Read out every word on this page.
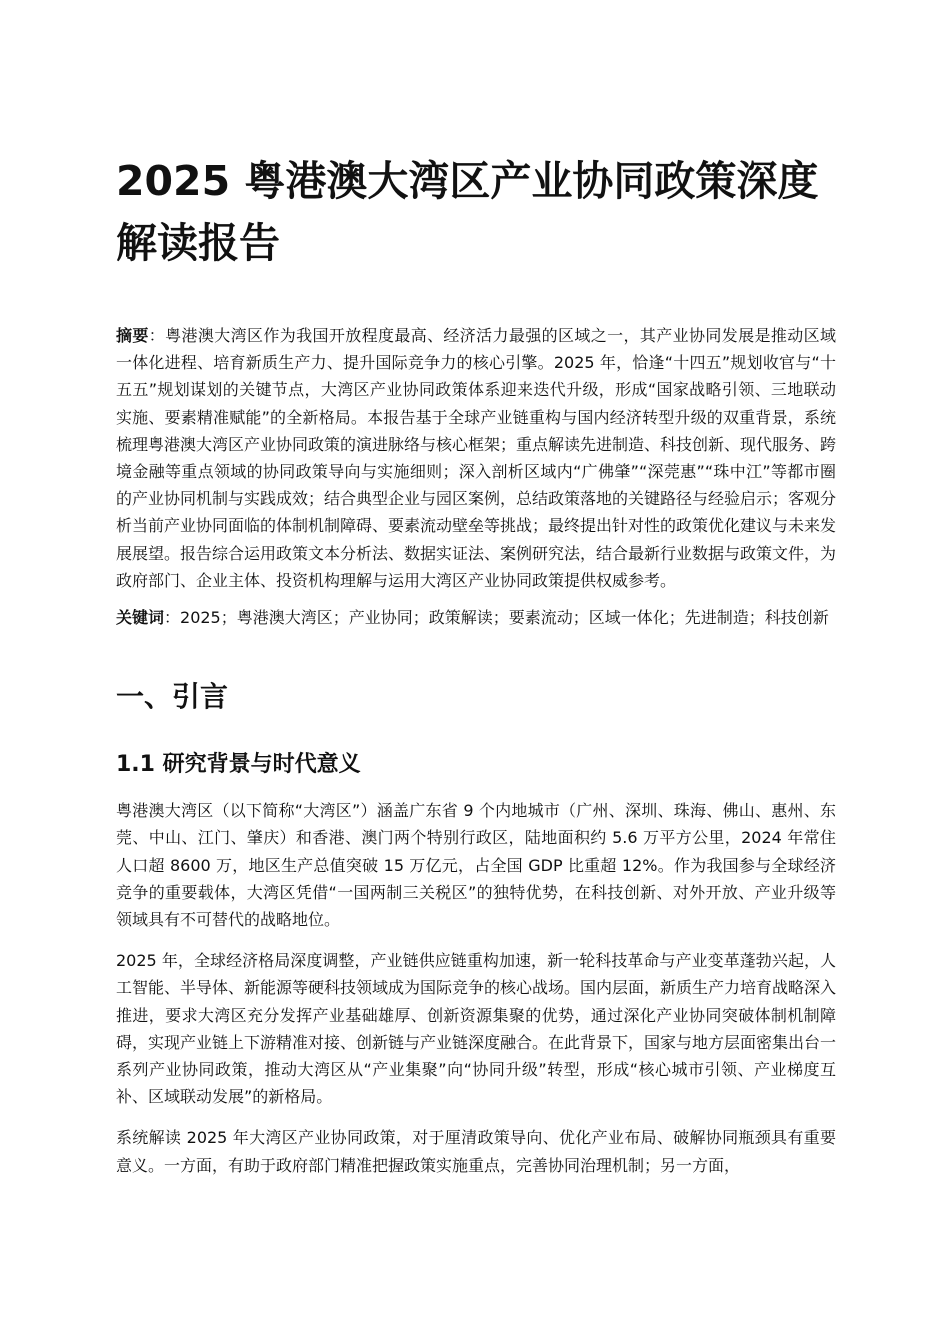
2025 粤港澳大湾区产业协同政策深度
解读报告

摘要：粤港澳大湾区作为我国开放程度最高、经济活力最强的区域之一，其产业协同发展是推动区域一体化进程、培育新质生产力、提升国际竞争力的核心引擎。2025 年，恰逢“十四五”规划收官与“十五五”规划谋划的关键节点，大湾区产业协同政策体系迎来迭代升级，形成“国家战略引领、三地联动实施、要素精准赋能”的全新格局。本报告基于全球产业链重构与国内经济转型升级的双重背景，系统梳理粤港澳大湾区产业协同政策的演进脉络与核心框架；重点解读先进制造、科技创新、现代服务、跨境金融等重点领域的协同政策导向与实施细则；深入剖析区域内“广佛肇”“深莞惠”“珠中江”等都市圈的产业协同机制与实践成效；结合典型企业与园区案例，总结政策落地的关键路径与经验启示；客观分析当前产业协同面临的体制机制障碍、要素流动壁垒等挑战；最终提出针对性的政策优化建议与未来发展展望。报告综合运用政策文本分析法、数据实证法、案例研究法，结合最新行业数据与政策文件，为政府部门、企业主体、投资机构理解与运用大湾区产业协同政策提供权威参考。

关键词：2025；粤港澳大湾区；产业协同；政策解读；要素流动；区域一体化；先进制造；科技创新

一、引言
1.1 研究背景与时代意义

粤港澳大湾区（以下简称“大湾区”）涵盖广东省 9 个内地城市（广州、深圳、珠海、佛山、惠州、东莞、中山、江门、肇庆）和香港、澳门两个特别行政区，陆地面积约 5.6 万平方公里，2024 年常住人口超 8600 万，地区生产总值突破 15 万亿元，占全国 GDP 比重超 12%。作为我国参与全球经济竞争的重要载体，大湾区凭借“一国两制三关税区”的独特优势，在科技创新、对外开放、产业升级等领域具有不可替代的战略地位。

2025 年，全球经济格局深度调整，产业链供应链重构加速，新一轮科技革命与产业变革蓬勃兴起，人工智能、半导体、新能源等硬科技领域成为国际竞争的核心战场。国内层面，新质生产力培育战略深入推进，要求大湾区充分发挥产业基础雄厚、创新资源集聚的优势，通过深化产业协同突破体制机制障碍，实现产业链上下游精准对接、创新链与产业链深度融合。在此背景下，国家与地方层面密集出台一系列产业协同政策，推动大湾区从“产业集聚”向“协同升级”转型，形成“核心城市引领、产业梯度互补、区域联动发展”的新格局。

系统解读 2025 年大湾区产业协同政策，对于厘清政策导向、优化产业布局、破解协同瓶颈具有重要意义。一方面，有助于政府部门精准把握政策实施重点，完善协同治理机制；另一方面，
